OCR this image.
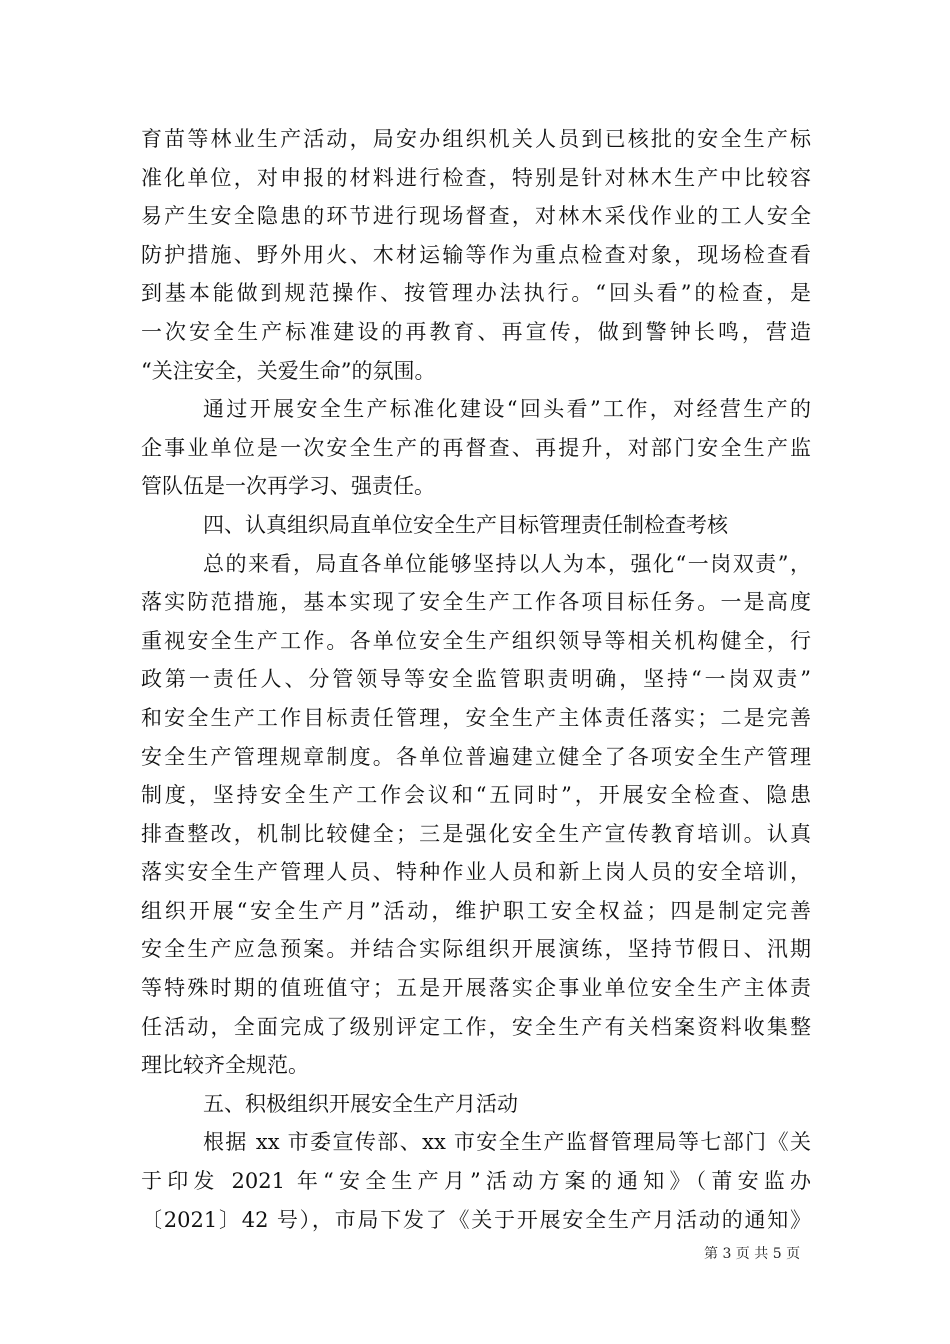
育苗等林业生产活动，局安办组织机关人员到已核批的安全生产标
准化单位，对申报的材料进行检查，特别是针对林木生产中比较容
易产生安全隐患的环节进行现场督查，对林木采伐作业的工人安全
防护措施、野外用火、木材运输等作为重点检查对象，现场检查看
到基本能做到规范操作、按管理办法执行。“回头看”的检查，是
一次安全生产标准建设的再教育、再宣传，做到警钟长鸣，营造
“关注安全，关爱生命”的氛围。
通过开展安全生产标准化建设“回头看”工作，对经营生产的
企事业单位是一次安全生产的再督查、再提升，对部门安全生产监
管队伍是一次再学习、强责任。
四、认真组织局直单位安全生产目标管理责任制检查考核
总的来看，局直各单位能够坚持以人为本，强化“一岗双责”，
落实防范措施，基本实现了安全生产工作各项目标任务。一是高度
重视安全生产工作。各单位安全生产组织领导等相关机构健全，行
政第一责任人、分管领导等安全监管职责明确，坚持“一岗双责”
和安全生产工作目标责任管理，安全生产主体责任落实；二是完善
安全生产管理规章制度。各单位普遍建立健全了各项安全生产管理
制度，坚持安全生产工作会议和“五同时”，开展安全检查、隐患
排查整改，机制比较健全；三是强化安全生产宣传教育培训。认真
落实安全生产管理人员、特种作业人员和新上岗人员的安全培训，
组织开展“安全生产月”活动，维护职工安全权益；四是制定完善
安全生产应急预案。并结合实际组织开展演练，坚持节假日、汛期
等特殊时期的值班值守；五是开展落实企事业单位安全生产主体责
任活动，全面完成了级别评定工作，安全生产有关档案资料收集整
理比较齐全规范。
五、积极组织开展安全生产月活动
根据 xx 市委宣传部、xx 市安全生产监督管理局等七部门《关
于印发 2021 年“安全生产月”活动方案的通知》（莆安监办
〔2021〕42 号），市局下发了《关于开展安全生产月活动的通知》
第 3 页 共 5 页
